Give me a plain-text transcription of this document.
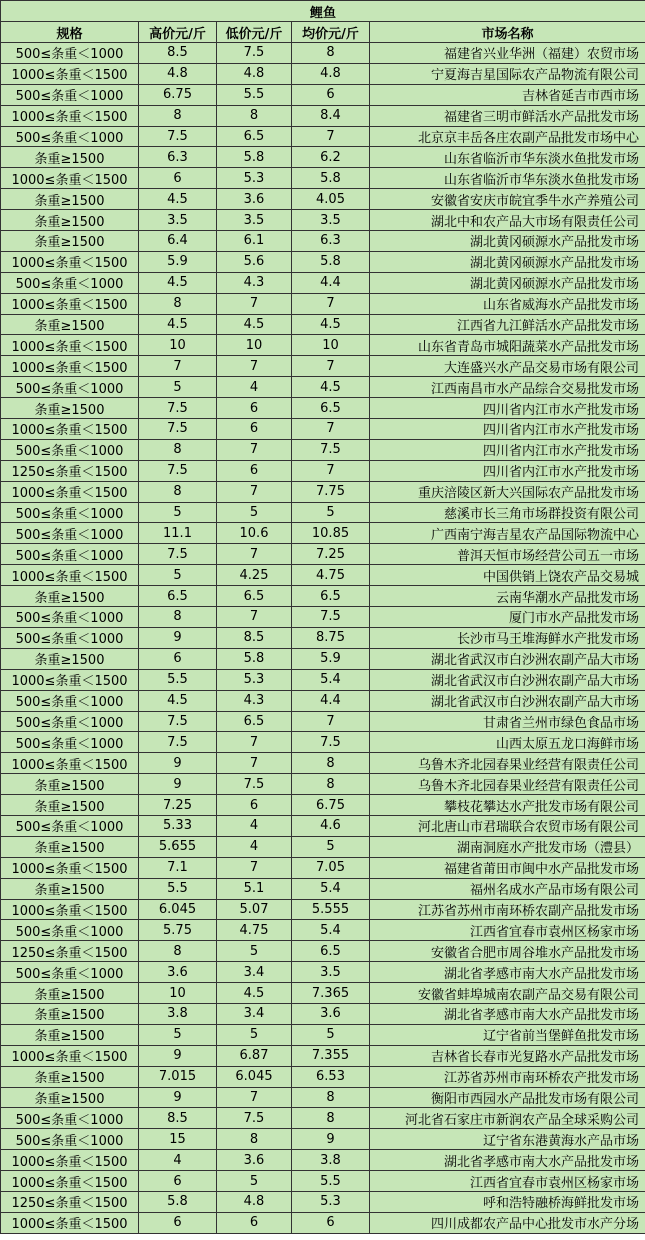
鲤鱼				
规格	高价元/斤	低价元/斤	均价元/斤	市场名称
500≤条重＜1000	8.5	7.5	8	福建省兴业华洲（福建）农贸市场
1000≤条重＜1500	4.8	4.8	4.8	宁夏海吉星国际农产品物流有限公司
500≤条重＜1000	6.75	5.5	6	吉林省延吉市西市场
1000≤条重＜1500	8	8	8.4	福建省三明市鲜活水产品批发市场
500≤条重＜1000	7.5	6.5	7	北京京丰岳各庄农副产品批发市场中心
条重≥1500	6.3	5.8	6.2	山东省临沂市华东淡水鱼批发市场
1000≤条重＜1500	6	5.3	5.8	山东省临沂市华东淡水鱼批发市场
条重≥1500	4.5	3.6	4.05	安徽省安庆市皖宜季牛水产养殖公司
条重≥1500	3.5	3.5	3.5	湖北中和农产品大市场有限责任公司
条重≥1500	6.4	6.1	6.3	湖北黄冈硕源水产品批发市场
1000≤条重＜1500	5.9	5.6	5.8	湖北黄冈硕源水产品批发市场
500≤条重＜1000	4.5	4.3	4.4	湖北黄冈硕源水产品批发市场
1000≤条重＜1500	8	7	7	山东省威海水产品批发市场
条重≥1500	4.5	4.5	4.5	江西省九江鲜活水产品批发市场
1000≤条重＜1500	10	10	10	山东省青岛市城阳蔬菜水产品批发市场
1000≤条重＜1500	7	7	7	大连盛兴水产品交易市场有限公司
500≤条重＜1000	5	4	4.5	江西南昌市水产品综合交易批发市场
条重≥1500	7.5	6	6.5	四川省内江市水产批发市场
1000≤条重＜1500	7.5	6	7	四川省内江市水产批发市场
500≤条重＜1000	8	7	7.5	四川省内江市水产批发市场
1250≤条重＜1500	7.5	6	7	四川省内江市水产批发市场
1000≤条重＜1500	8	7	7.75	重庆涪陵区新大兴国际农产品批发市场
500≤条重＜1000	5	5	5	慈溪市长三角市场群投资有限公司
500≤条重＜1000	11.1	10.6	10.85	广西南宁海吉星农产品国际物流中心
500≤条重＜1000	7.5	7	7.25	普洱天恒市场经营公司五一市场
1000≤条重＜1500	5	4.25	4.75	中国供销上饶农产品交易城
条重≥1500	6.5	6.5	6.5	云南华潮水产品批发市场
500≤条重＜1000	8	7	7.5	厦门市水产品批发市场
500≤条重＜1000	9	8.5	8.75	长沙市马王堆海鲜水产批发市场
条重≥1500	6	5.8	5.9	湖北省武汉市白沙洲农副产品大市场
1000≤条重＜1500	5.5	5.3	5.4	湖北省武汉市白沙洲农副产品大市场
500≤条重＜1000	4.5	4.3	4.4	湖北省武汉市白沙洲农副产品大市场
500≤条重＜1000	7.5	6.5	7	甘肃省兰州市绿色食品市场
500≤条重＜1000	7.5	7	7.5	山西太原五龙口海鲜市场
1000≤条重＜1500	9	7	8	乌鲁木齐北园春果业经营有限责任公司
条重≥1500	9	7.5	8	乌鲁木齐北园春果业经营有限责任公司
条重≥1500	7.25	6	6.75	攀枝花攀达水产批发市场有限公司
500≤条重＜1000	5.33	4	4.6	河北唐山市君瑞联合农贸市场有限公司
条重≥1500	5.655	4	5	湖南洞庭水产批发市场（澧县）
1000≤条重＜1500	7.1	7	7.05	福建省莆田市闽中水产品批发市场
条重≥1500	5.5	5.1	5.4	福州名成水产品市场有限公司
1000≤条重＜1500	6.045	5.07	5.555	江苏省苏州市南环桥农副产品批发市场
500≤条重＜1000	5.75	4.75	5.4	江西省宜春市袁州区杨家市场
1250≤条重＜1500	8	5	6.5	安徽省合肥市周谷堆水产品批发市场
500≤条重＜1000	3.6	3.4	3.5	湖北省孝感市南大水产品批发市场
条重≥1500	10	4.5	7.365	安徽省蚌埠城南农副产品交易有限公司
条重≥1500	3.8	3.4	3.6	湖北省孝感市南大水产品批发市场
条重≥1500	5	5	5	辽宁省前当堡鲜鱼批发市场
1000≤条重＜1500	9	6.87	7.355	吉林省长春市光复路水产品批发市场
条重≥1500	7.015	6.045	6.53	江苏省苏州市南环桥农产批发市场
条重≥1500	9	7	8	衡阳市西园水产品批发市场有限公司
500≤条重＜1000	8.5	7.5	8	河北省石家庄市新润农产品全球采购公司
500≤条重＜1000	15	8	9	辽宁省东港黄海水产品市场
1000≤条重＜1500	4	3.6	3.8	湖北省孝感市南大水产品批发市场
1000≤条重＜1500	6	5	5.5	江西省宜春市袁州区杨家市场
1250≤条重＜1500	5.8	4.8	5.3	呼和浩特融桥海鲜批发市场
1000≤条重＜1500	6	6	6	四川成都农产品中心批发市水产分场
